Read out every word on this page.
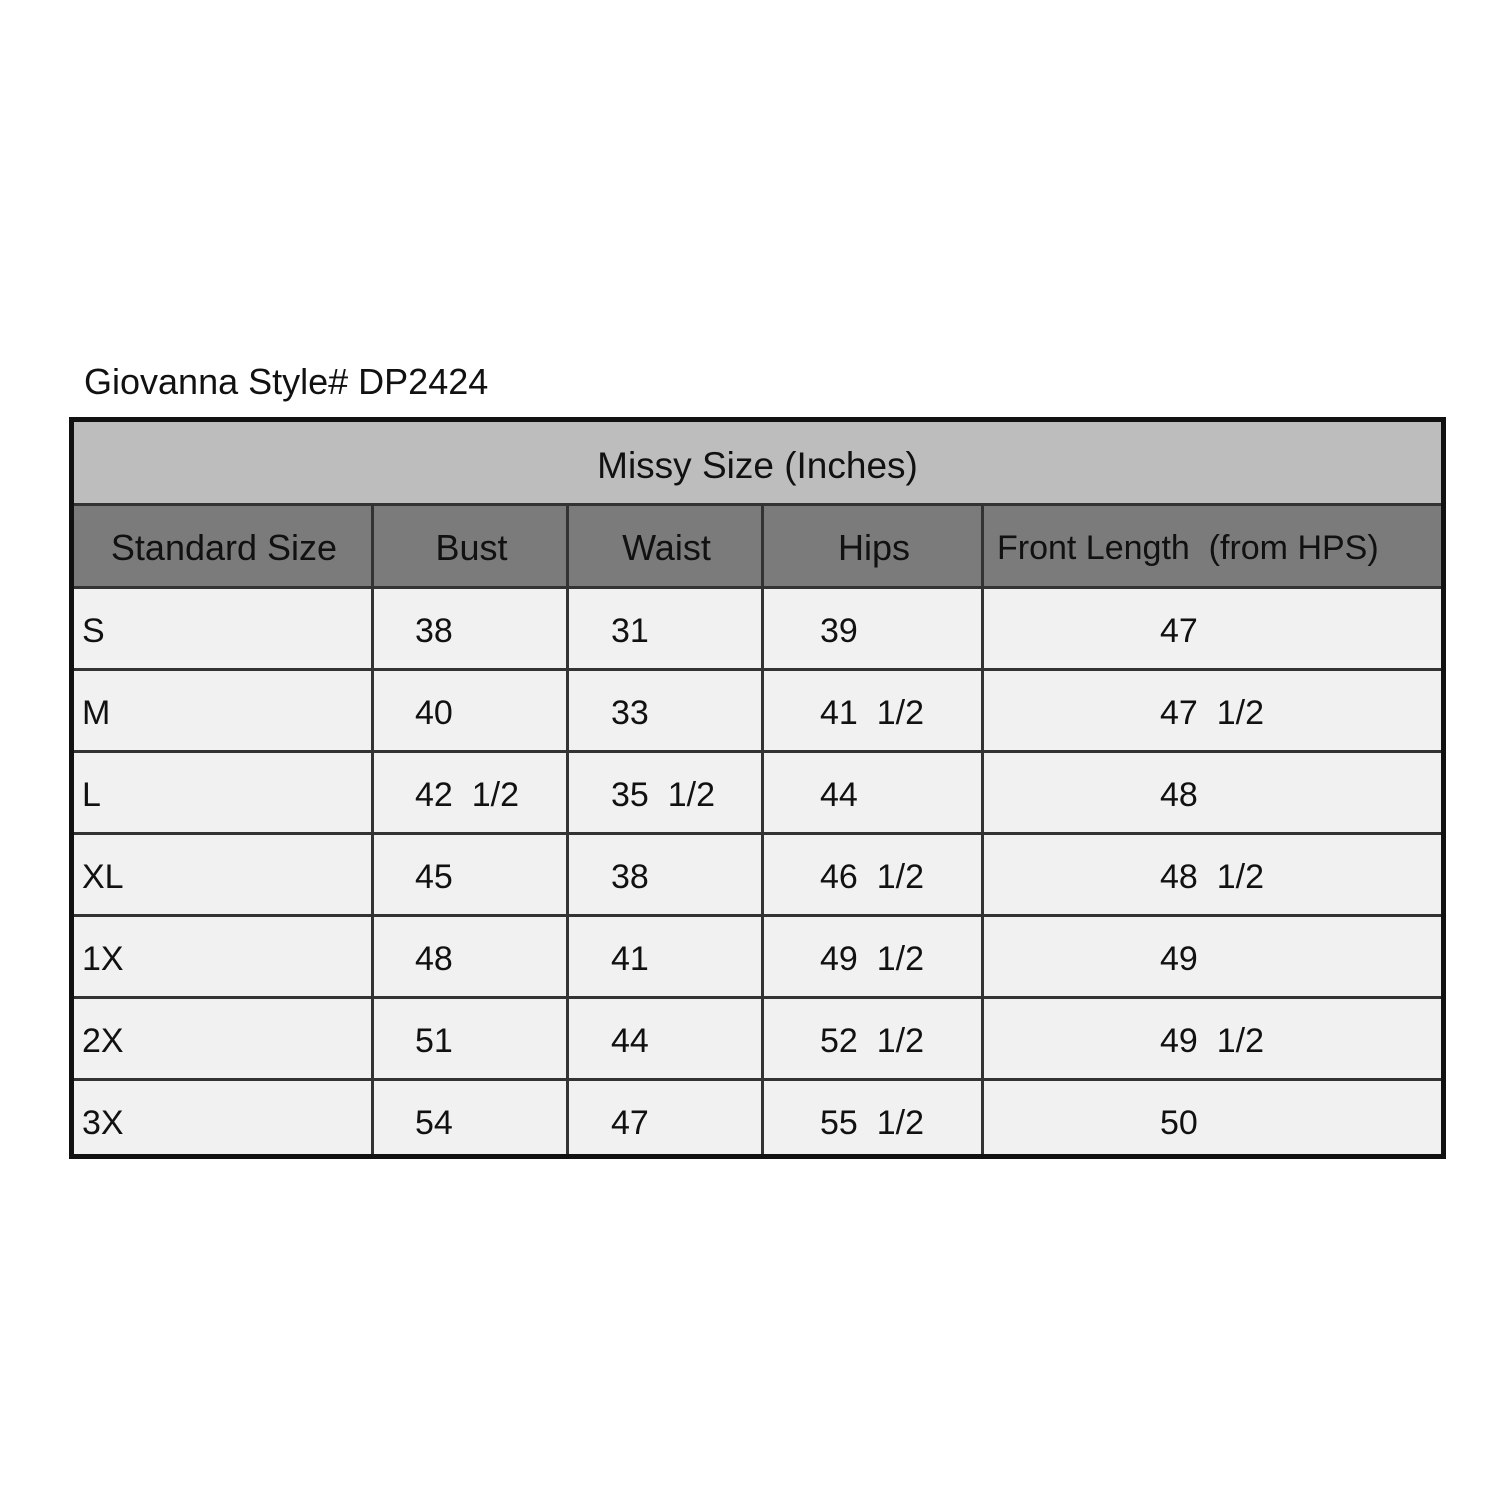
Giovanna Style# DP2424
Missy Size (Inches)
Standard Size	Bust	Waist	Hips	Front Length  (from HPS)
S	38	31	39	47
M	40	33	41  1/2	47  1/2
L	42  1/2	35  1/2	44	48
XL	45	38	46  1/2	48  1/2
1X	48	41	49  1/2	49
2X	51	44	52  1/2	49  1/2
3X	54	47	55  1/2	50
